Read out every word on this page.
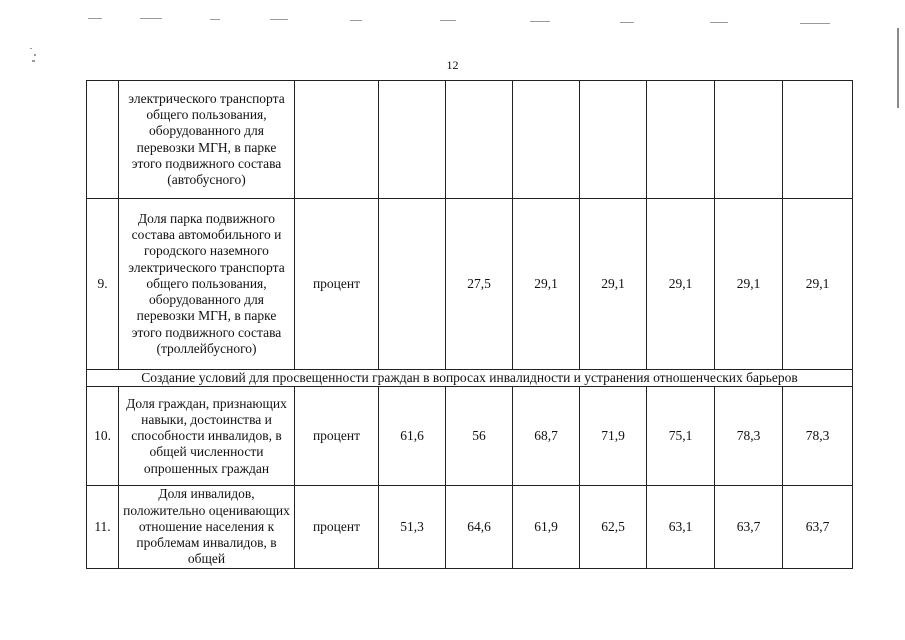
12
	электрического транспорта общего пользования, оборудованного для перевозки МГН, в парке этого подвижного состава (автобусного)								
9.	Доля парка подвижного состава автомобильного и городского наземного электрического транспорта общего пользования, оборудованного для перевозки МГН, в парке этого подвижного состава (троллейбусного)	процент		27,5	29,1	29,1	29,1	29,1	29,1
Создание условий для просвещенности граждан в вопросах инвалидности и устранения отношенческих барьеров									
10.	Доля граждан, признающих навыки, достоинства и способности инвалидов, в общей численности опрошенных граждан	процент	61,6	56	68,7	71,9	75,1	78,3	78,3
11.	Доля инвалидов, положительно оценивающих отношение населения к проблемам инвалидов, в общей	процент	51,3	64,6	61,9	62,5	63,1	63,7	63,7
